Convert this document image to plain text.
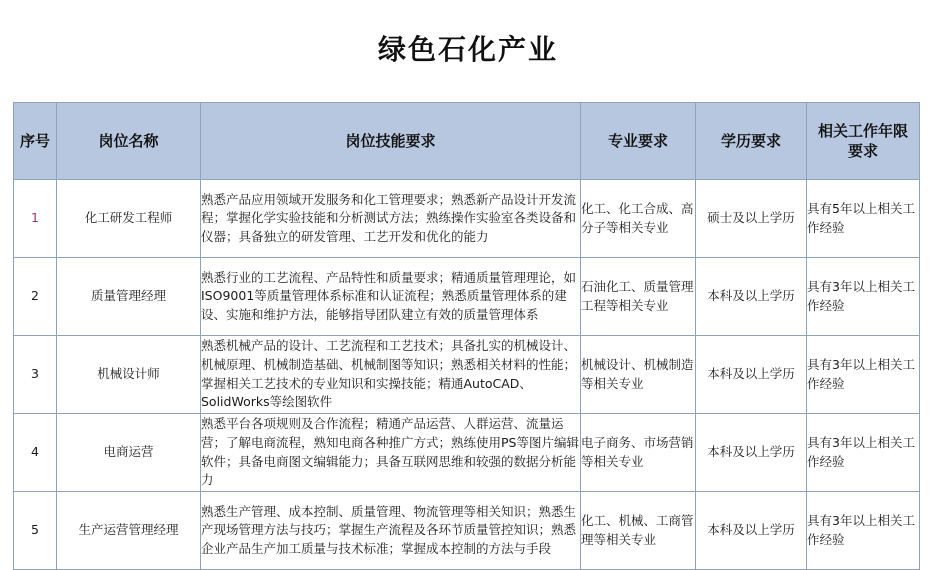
绿色石化产业
序号	岗位名称	岗位技能要求	专业要求	学历要求	相关工作年限要求
1	化工研发工程师	熟悉产品应用领域开发服务和化工管理要求；熟悉新产品设计开发流程；掌握化学实验技能和分析测试方法；熟练操作实验室各类设备和仪器；具备独立的研发管理、工艺开发和优化的能力	化工、化工合成、高分子等相关专业	硕士及以上学历	具有5年以上相关工作经验
2	质量管理经理	熟悉行业的工艺流程、产品特性和质量要求；精通质量管理理论，如ISO9001等质量管理体系标准和认证流程；熟悉质量管理体系的建设、实施和维护方法，能够指导团队建立有效的质量管理体系	石油化工、质量管理工程等相关专业	本科及以上学历	具有3年以上相关工作经验
3	机械设计师	熟悉机械产品的设计、工艺流程和工艺技术；具备扎实的机械设计、机械原理、机械制造基础、机械制图等知识；熟悉相关材料的性能；掌握相关工艺技术的专业知识和实操技能；精通AutoCAD、SolidWorks等绘图软件	机械设计、机械制造等相关专业	本科及以上学历	具有3年以上相关工作经验
4	电商运营	熟悉平台各项规则及合作流程；精通产品运营、人群运营、流量运营；了解电商流程，熟知电商各种推广方式；熟练使用PS等图片编辑软件；具备电商图文编辑能力；具备互联网思维和较强的数据分析能力	电子商务、市场营销等相关专业	本科及以上学历	具有3年以上相关工作经验
5	生产运营管理经理	熟悉生产管理、成本控制、质量管理、物流管理等相关知识；熟悉生产现场管理方法与技巧；掌握生产流程及各环节质量管控知识；熟悉企业产品生产加工质量与技术标准；掌握成本控制的方法与手段	化工、机械、工商管理等相关专业	本科及以上学历	具有3年以上相关工作经验
